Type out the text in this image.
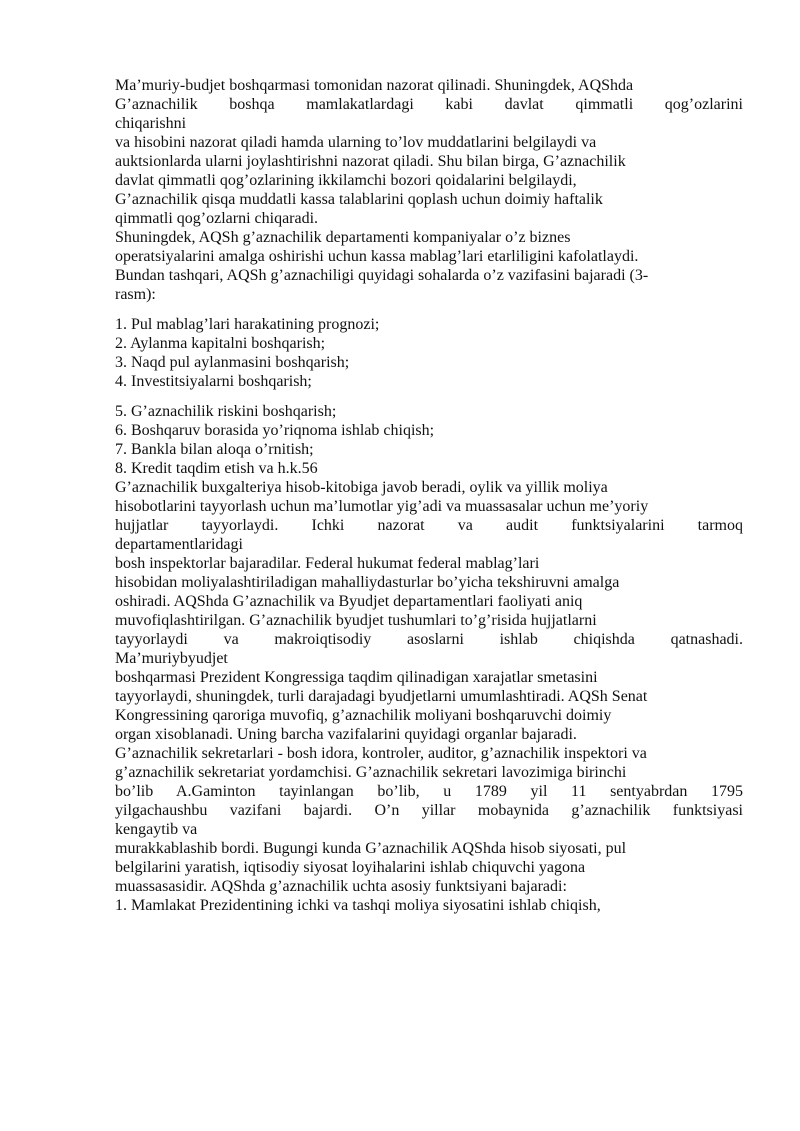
Ma’muriy-budjet boshqarmasi tomonidan nazorat qilinadi. Shuningdek, AQShda
G’aznachilik boshqa mamlakatlardagi kabi davlat qimmatli qog’ozlarini
chiqarishni
va hisobini nazorat qiladi hamda ularning to’lov muddatlarini belgilaydi va
auktsionlarda ularni joylashtirishni nazorat qiladi. Shu bilan birga, G’aznachilik
davlat qimmatli qog’ozlarining ikkilamchi bozori qoidalarini belgilaydi,
G’aznachilik qisqa muddatli kassa talablarini qoplash uchun doimiy haftalik
qimmatli qog’ozlarni chiqaradi.
Shuningdek, AQSh g’aznachilik departamenti kompaniyalar o’z biznes
operatsiyalarini amalga oshirishi uchun kassa mablag’lari etarliligini kafolatlaydi.
Bundan tashqari, AQSh g’aznachiligi quyidagi sohalarda o’z vazifasini bajaradi (3-
rasm):
1. Pul mablag’lari harakatining prognozi;
2. Aylanma kapitalni boshqarish;
3. Naqd pul aylanmasini boshqarish;
4. Investitsiyalarni boshqarish;
5. G’aznachilik riskini boshqarish;
6. Boshqaruv borasida yo’riqnoma ishlab chiqish;
7. Bankla bilan aloqa o’rnitish;
8. Kredit taqdim etish va h.k.56
G’aznachilik buxgalteriya hisob-kitobiga javob beradi, oylik va yillik moliya
hisobotlarini tayyorlash uchun ma’lumotlar yig’adi va muassasalar uchun me’yoriy
hujjatlar tayyorlaydi. Ichki nazorat va audit funktsiyalarini tarmoq
departamentlaridagi
bosh inspektorlar bajaradilar. Federal hukumat federal mablag’lari
hisobidan moliyalashtiriladigan mahalliydasturlar bo’yicha tekshiruvni amalga
oshiradi. AQShda G’aznachilik va Byudjet departamentlari faoliyati aniq
muvofiqlashtirilgan. G’aznachilik byudjet tushumlari to’g’risida hujjatlarni
tayyorlaydi va makroiqtisodiy asoslarni ishlab chiqishda qatnashadi.
Ma’muriybyudjet
boshqarmasi Prezident Kongressiga taqdim qilinadigan xarajatlar smetasini
tayyorlaydi, shuningdek, turli darajadagi byudjetlarni umumlashtiradi. AQSh Senat
Kongressining qaroriga muvofiq, g’aznachilik moliyani boshqaruvchi doimiy
organ xisoblanadi. Uning barcha vazifalarini quyidagi organlar bajaradi.
G’aznachilik sekretarlari - bosh idora, kontroler, auditor, g’aznachilik inspektori va
g’aznachilik sekretariat yordamchisi. G’aznachilik sekretari lavozimiga birinchi
bo’lib A.Gaminton tayinlangan bo’lib, u 1789 yil 11 sentyabrdan 1795
yilgachaushbu vazifani bajardi. O’n yillar mobaynida g’aznachilik funktsiyasi
kengaytib va
murakkablashib bordi. Bugungi kunda G’aznachilik AQShda hisob siyosati, pul
belgilarini yaratish, iqtisodiy siyosat loyihalarini ishlab chiquvchi yagona
muassasasidir. AQShda g’aznachilik uchta asosiy funktsiyani bajaradi:
1. Mamlakat Prezidentining ichki va tashqi moliya siyosatini ishlab chiqish,
